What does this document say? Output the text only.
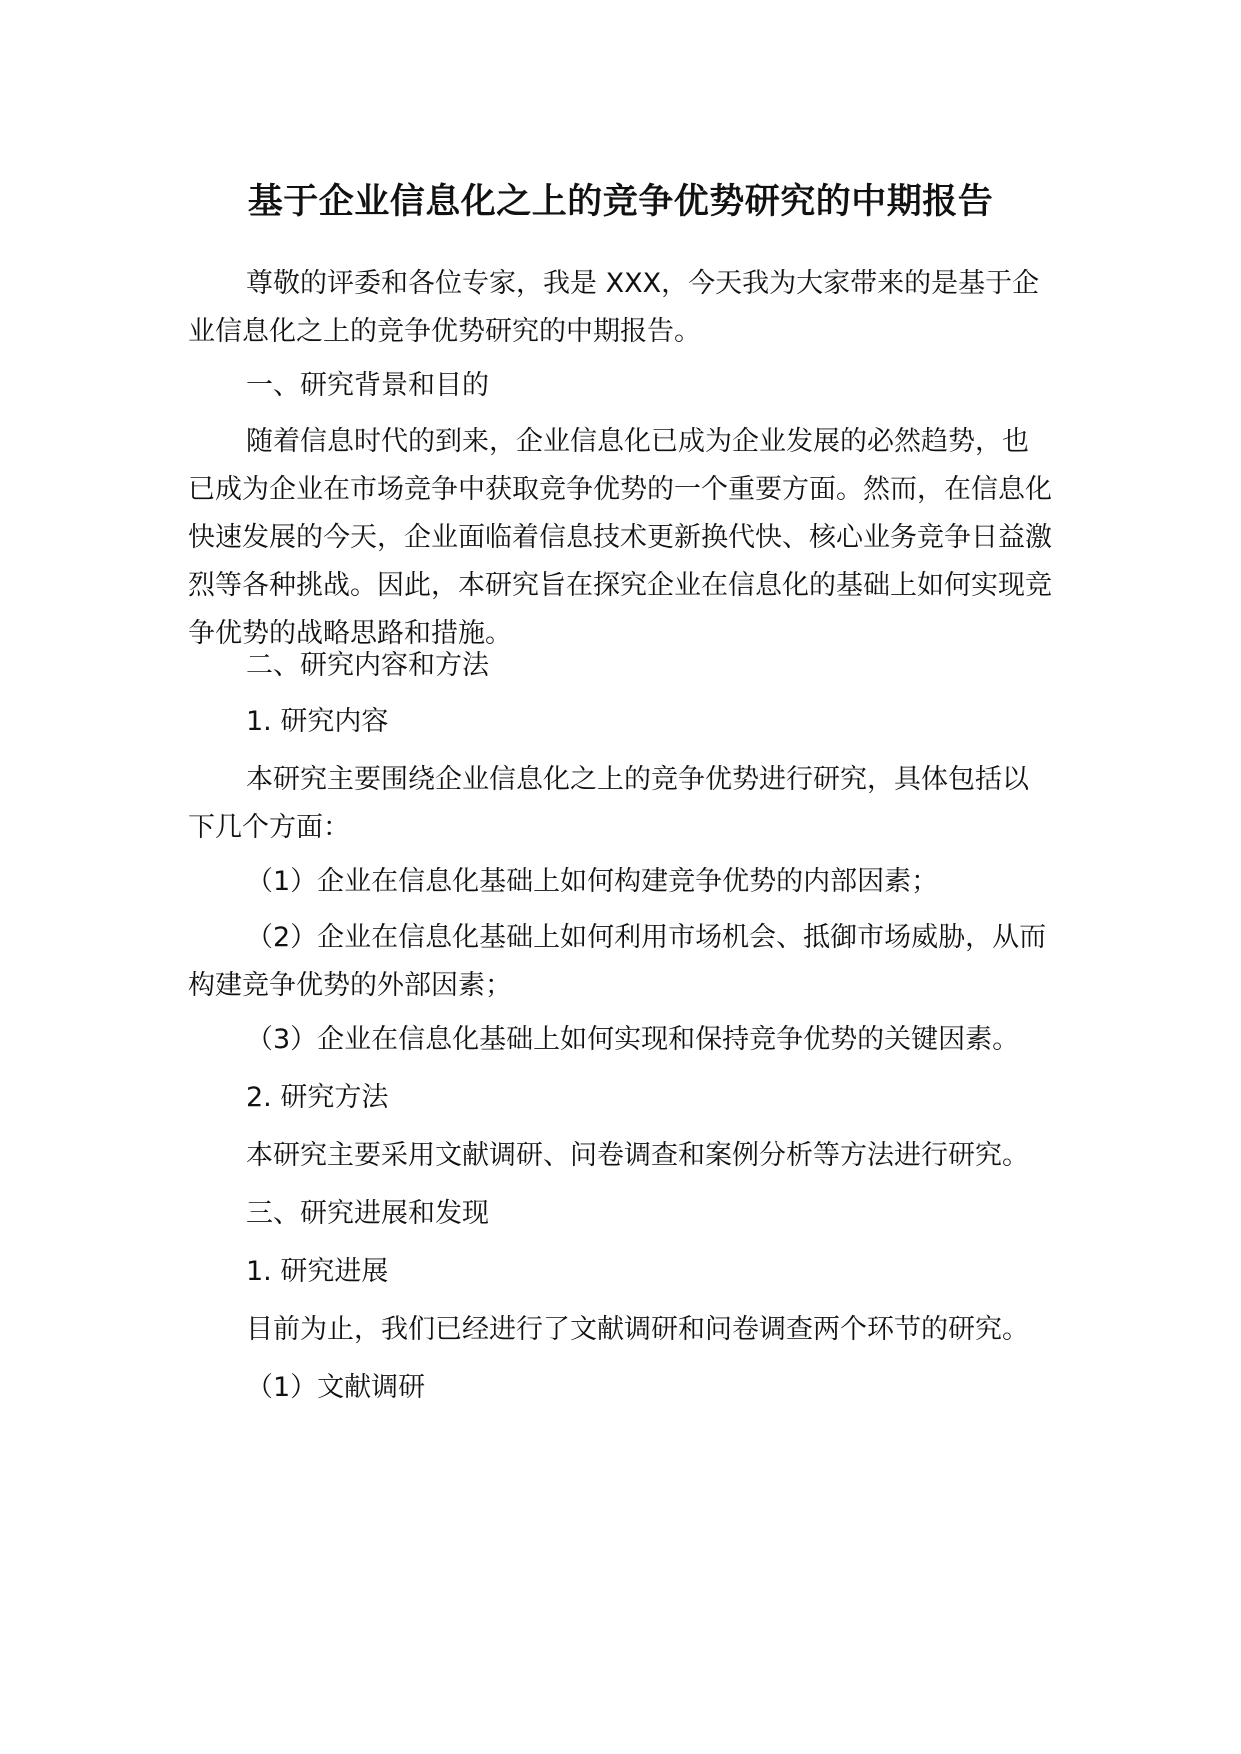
基于企业信息化之上的竞争优势研究的中期报告

尊敬的评委和各位专家，我是 XXX，今天我为大家带来的是基于企业信息化之上的竞争优势研究的中期报告。

一、研究背景和目的

随着信息时代的到来，企业信息化已成为企业发展的必然趋势，也已成为企业在市场竞争中获取竞争优势的一个重要方面。然而，在信息化快速发展的今天，企业面临着信息技术更新换代快、核心业务竞争日益激烈等各种挑战。因此，本研究旨在探究企业在信息化的基础上如何实现竞争优势的战略思路和措施。

二、研究内容和方法

1. 研究内容

本研究主要围绕企业信息化之上的竞争优势进行研究，具体包括以下几个方面：

（1）企业在信息化基础上如何构建竞争优势的内部因素；

（2）企业在信息化基础上如何利用市场机会、抵御市场威胁，从而构建竞争优势的外部因素；

（3）企业在信息化基础上如何实现和保持竞争优势的关键因素。

2. 研究方法

本研究主要采用文献调研、问卷调查和案例分析等方法进行研究。

三、研究进展和发现

1. 研究进展

目前为止，我们已经进行了文献调研和问卷调查两个环节的研究。

（1）文献调研
